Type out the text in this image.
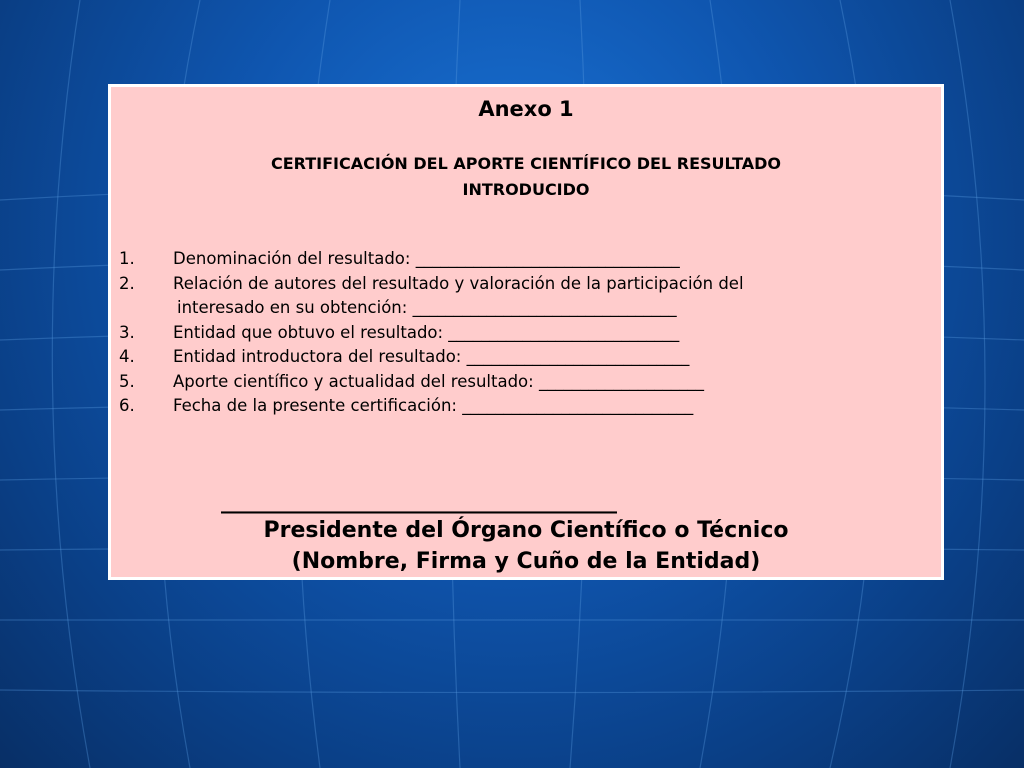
Anexo 1
CERTIFICACIÓN DEL APORTE CIENTÍFICO DEL RESULTADO
INTRODUCIDO
1.	Denominación del resultado: ________________________________
2.	Relación de autores del resultado y valoración de la participación del
interesado en su obtención: ________________________________
3.	Entidad que obtuvo el resultado: ____________________________
4.	Entidad introductora del resultado: ___________________________
5.	Aporte científico y actualidad del resultado: ____________________
6.	Fecha de la presente certificación: ____________________________
____________________________________
Presidente del Órgano Científico o Técnico
(Nombre, Firma y Cuño de la Entidad)
